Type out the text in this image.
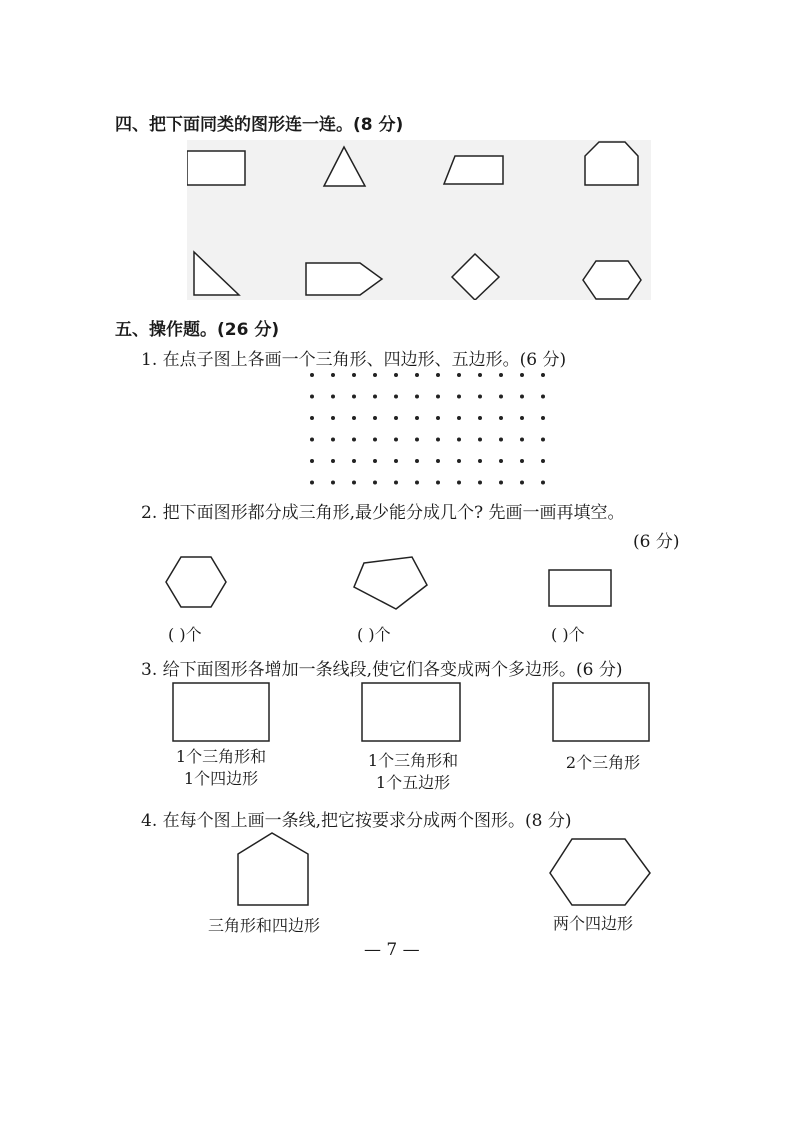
四、把下面同类的图形连一连。(8 分)
五、操作题。(26 分)
1. 在点子图上各画一个三角形、四边形、五边形。(6 分)
2. 把下面图形都分成三角形,最少能分成几个? 先画一画再填空。
(6 分)
( )个	( )个	( )个
3. 给下面图形各增加一条线段,使它们各变成两个多边形。(6 分)
1个三角形和
1个四边形
1个三角形和
1个五边形
2个三角形
4. 在每个图上画一条线,把它按要求分成两个图形。(8 分)
三角形和四边形	两个四边形
— 7 —
